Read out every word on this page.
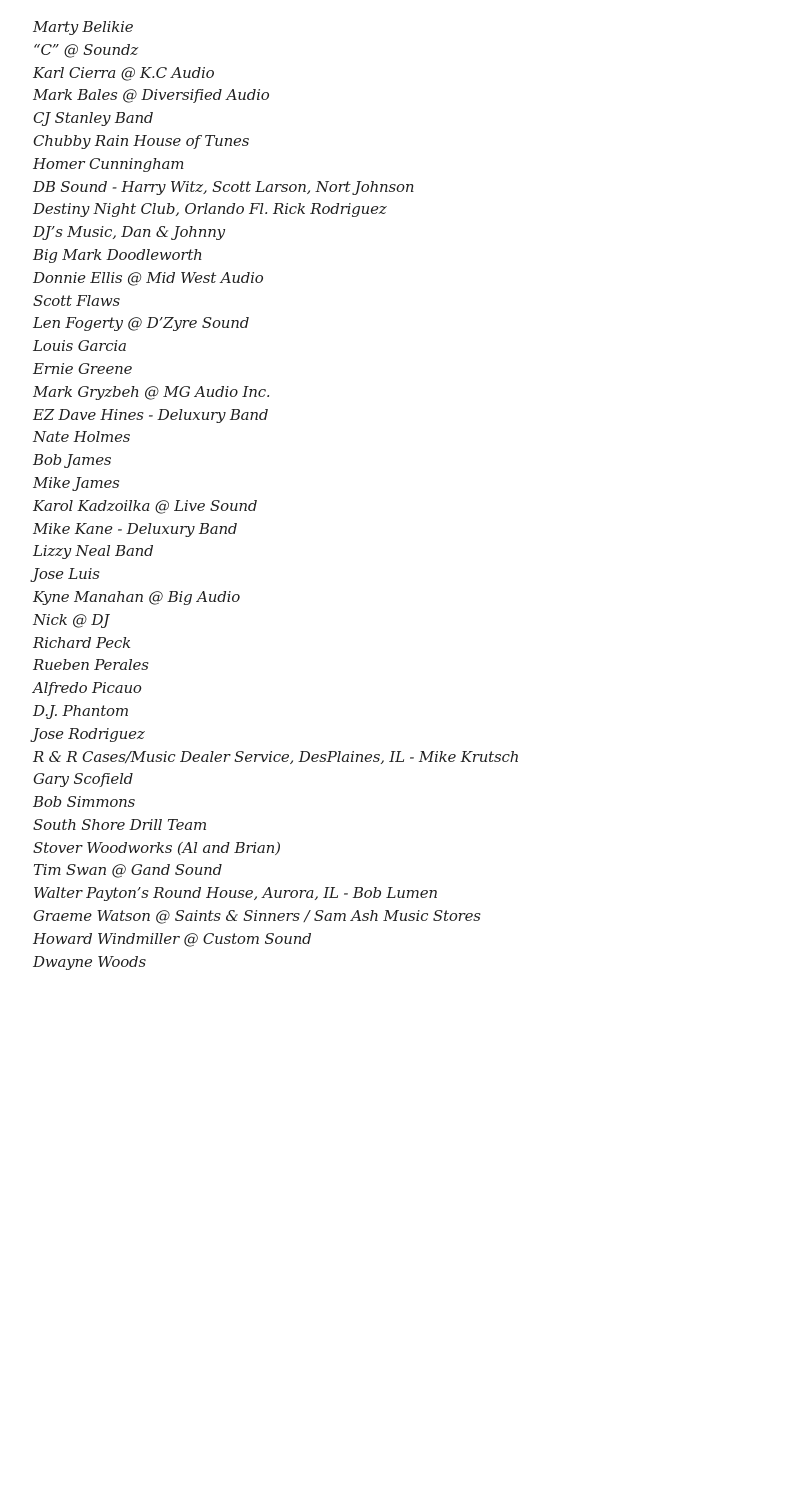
Marty Belikie
“C” @ Soundz
Karl Cierra @ K.C Audio
Mark Bales @ Diversified Audio
CJ Stanley Band
Chubby Rain House of Tunes
Homer Cunningham
DB Sound - Harry Witz, Scott Larson, Nort Johnson
Destiny Night Club, Orlando Fl. Rick Rodriguez
DJ’s Music, Dan & Johnny
Big Mark Doodleworth
Donnie Ellis @ Mid West Audio
Scott Flaws
Len Fogerty @ D’Zyre Sound
Louis Garcia
Ernie Greene
Mark Gryzbeh @ MG Audio Inc.
EZ Dave Hines - Deluxury Band
Nate Holmes
Bob James
Mike James
Karol Kadzoilka @ Live Sound
Mike Kane - Deluxury Band
Lizzy Neal Band
Jose Luis
Kyne Manahan @ Big Audio
Nick @ DJ
Richard Peck
Rueben Perales
Alfredo Picauo
D.J. Phantom
Jose Rodriguez
R & R Cases/Music Dealer Service, DesPlaines, IL - Mike Krutsch
Gary Scofield
Bob Simmons
South Shore Drill Team
Stover Woodworks (Al and Brian)
Tim Swan @ Gand Sound
Walter Payton’s Round House, Aurora, IL - Bob Lumen
Graeme Watson @ Saints & Sinners / Sam Ash Music Stores
Howard Windmiller @ Custom Sound
Dwayne Woods
